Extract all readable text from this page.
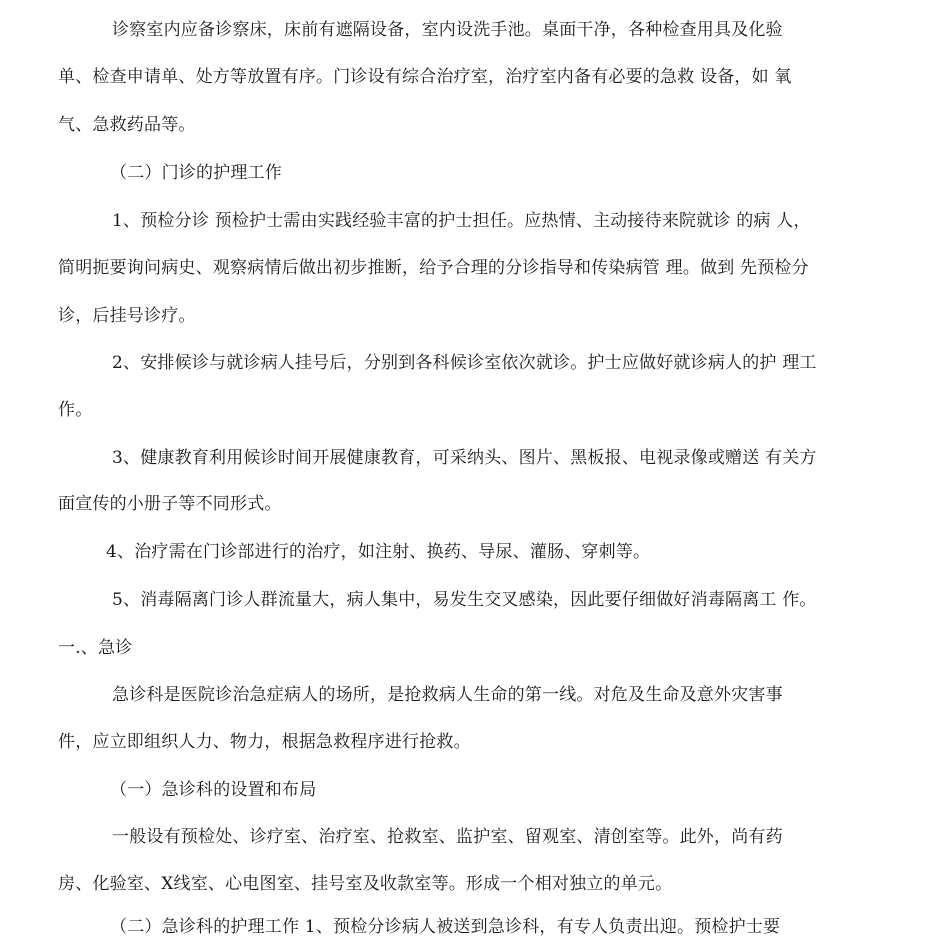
诊察室内应备诊察床，床前有遮隔设备，室内设洗手池。桌面干净，各种检查用具及化验
单、检查申请单、处方等放置有序。门诊设有综合治疗室，治疗室内备有必要的急救 设备，如 氧
气、急救药品等。
（二）门诊的护理工作
1、预检分诊 预检护士需由实践经验丰富的护士担任。应热情、主动接待来院就诊 的病 人，
简明扼要询问病史、观察病情后做出初步推断，给予合理的分诊指导和传染病管 理。做到 先预检分
诊，后挂号诊疗。
2、安排候诊与就诊病人挂号后，分别到各科候诊室依次就诊。护士应做好就诊病人的护 理工
作。
3、健康教育利用候诊时间开展健康教育，可采纳头、图片、黑板报、电视录像或赠送 有关方
面宣传的小册子等不同形式。
4、治疗需在门诊部进行的治疗，如注射、换药、导尿、灌肠、穿刺等。
5、消毒隔离门诊人群流量大，病人集中，易发生交叉感染，因此要仔细做好消毒隔离工 作。
一.、急诊
急诊科是医院诊治急症病人的场所，是抢救病人生命的第一线。对危及生命及意外灾害事
件，应立即组织人力、物力，根据急救程序进行抢救。
（一）急诊科的设置和布局
一般设有预检处、诊疗室、治疗室、抢救室、监护室、留观室、清创室等。此外，尚有药
房、化验室、X线室、心电图室、挂号室及收款室等。形成一个相对独立的单元。
（二）急诊科的护理工作 1、预检分诊病人被送到急诊科，有专人负责出迎。预检护士要
